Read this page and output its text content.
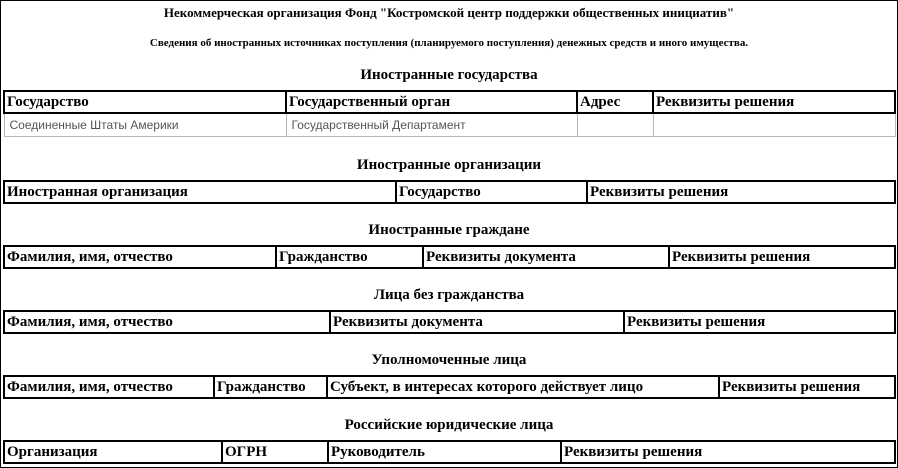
Некоммерческая организация Фонд "Костромской центр поддержки общественных инициатив"
Сведения об иностранных источниках поступления (планируемого поступления) денежных средств и иного имущества.
Иностранные государства
Государство	Государственный орган	Адрес	Реквизиты решения
Соединенные Штаты Америки	Государственный Департамент		
Иностранные организации
Иностранная организация	Государство	Реквизиты решения
Иностранные граждане
Фамилия, имя, отчество	Гражданство	Реквизиты документа	Реквизиты решения
Лица без гражданства
Фамилия, имя, отчество	Реквизиты документа	Реквизиты решения
Уполномоченные лица
Фамилия, имя, отчество	Гражданство	Субъект, в интересах которого действует лицо	Реквизиты решения
Российские юридические лица
Организация	ОГРН	Руководитель	Реквизиты решения
